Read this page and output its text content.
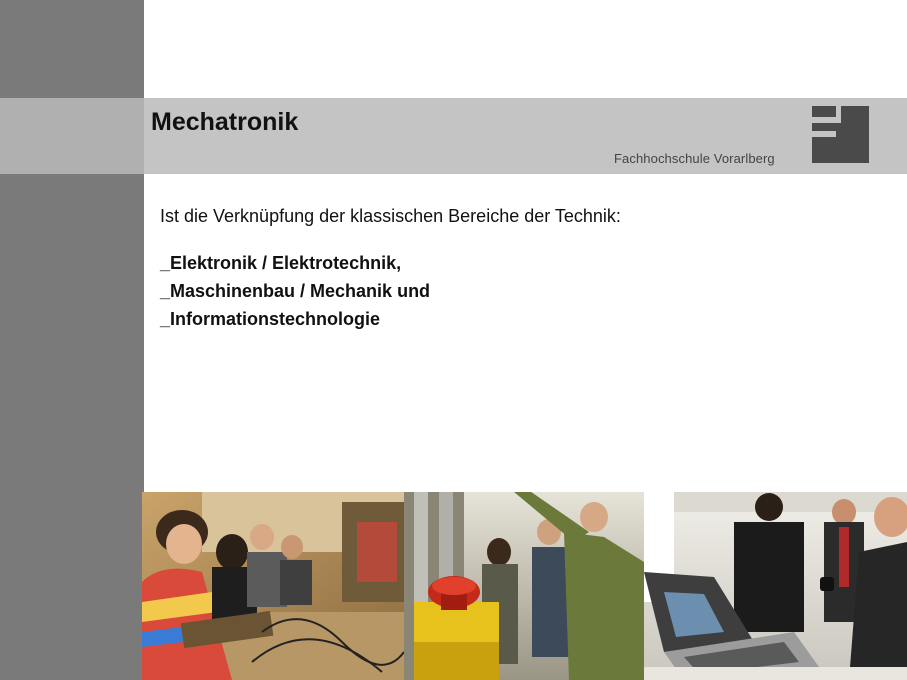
Mechatronik
Fachhochschule Vorarlberg

Ist die Verknüpfung der klassischen Bereiche der Technik:

_Elektronik / Elektrotechnik,
_Maschinenbau / Mechanik und
_Informationstechnologie
